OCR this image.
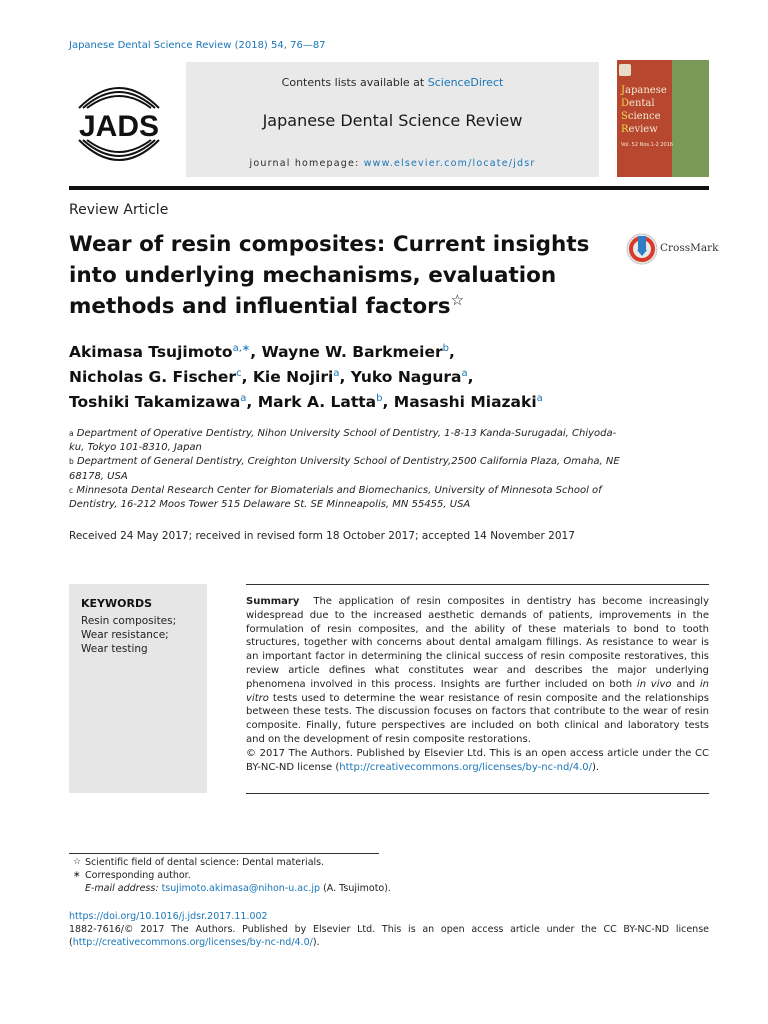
Japanese Dental Science Review (2018) 54, 76—87
JADS
Contents lists available at ScienceDirect
Japanese Dental Science Review
journal homepage: www.elsevier.com/locate/jdsr
Japanese
Dental
Science
Review
Vol. 52 Nos.1-2 2016
Review Article
Wear of resin composites: Current insights into underlying mechanisms, evaluation methods and influential factors☆
CrossMark
Akimasa Tsujimoto$^{a,∗}$, Wayne W. Barkmeier$^b$,
Nicholas G. Fischer$^c$, Kie Nojiri$^a$, Yuko Nagura$^a$,
Toshiki Takamizawa$^a$, Mark A. Latta$^b$, Masashi Miazaki$^a$

$^a$ Department of Operative Dentistry, Nihon University School of Dentistry, 1-8-13 Kanda-Surugadai, Chiyoda-ku, Tokyo 101-8310, Japan

$^b$ Department of General Dentistry, Creighton University School of Dentistry,2500 California Plaza, Omaha, NE 68178, USA

$^c$ Minnesota Dental Research Center for Biomaterials and Biomechanics, University of Minnesota School of Dentistry, 16-212 Moos Tower 515 Delaware St. SE Minneapolis, MN 55455, USA

Received 24 May 2017; received in revised form 18 October 2017; accepted 14 November 2017
KEYWORDS
Resin composites;
Wear resistance;
Wear testing
Summary The application of resin composites in dentistry has become increasingly widespread due to the increased aesthetic demands of patients, improvements in the formulation of resin composites, and the ability of these materials to bond to tooth structures, together with concerns about dental amalgam fillings. As resistance to wear is an important factor in determining the clinical success of resin composite restoratives, this review article defines what constitutes wear and describes the major underlying phenomena involved in this process. Insights are further included on both in vivo and in vitro tests used to determine the wear resistance of resin composite and the relationships between these tests. The discussion focuses on factors that contribute to the wear of resin composite. Finally, future perspectives are included on both clinical and laboratory tests and on the development of resin composite restorations.
© 2017 The Authors. Published by Elsevier Ltd. This is an open access article under the CC BY-NC-ND license (http://creativecommons.org/licenses/by-nc-nd/4.0/).
☆ Scientific field of dental science: Dental materials.
∗ Corresponding author.
E-mail address: tsujimoto.akimasa@nihon-u.ac.jp (A. Tsujimoto).
https://doi.org/10.1016/j.jdsr.2017.11.002
1882-7616/© 2017 The Authors. Published by Elsevier Ltd. This is an open access article under the CC BY-NC-ND license
(http://creativecommons.org/licenses/by-nc-nd/4.0/).
